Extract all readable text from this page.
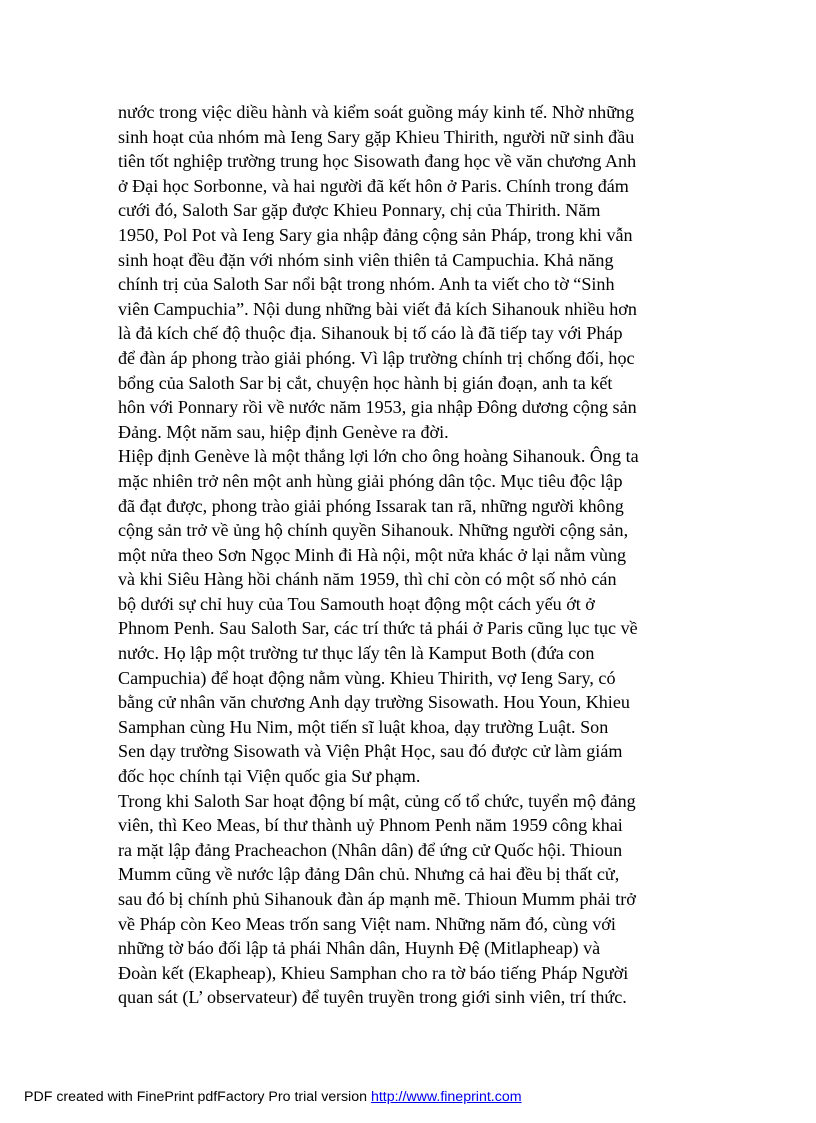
nước trong việc diều hành và kiểm soát guồng máy kinh tế. Nhờ những
sinh hoạt của nhóm mà Ieng Sary gặp Khieu Thirith, người nữ sinh đầu
tiên tốt nghiệp trường trung học Sisowath đang học về văn chương Anh
ở Đại học Sorbonne, và hai người đã kết hôn ở Paris. Chính trong đám
cưới đó, Saloth Sar gặp được Khieu Ponnary, chị của Thirith. Năm
1950, Pol Pot và Ieng Sary gia nhập đảng cộng sản Pháp, trong khi vẫn
sinh hoạt đều đặn với nhóm sinh viên thiên tả Campuchia. Khả năng
chính trị của Saloth Sar nổi bật trong nhóm. Anh ta viết cho tờ “Sinh
viên Campuchia”. Nội dung những bài viết đả kích Sihanouk nhiều hơn
là đả kích chế độ thuộc địa. Sihanouk bị tố cáo là đã tiếp tay với Pháp
để đàn áp phong trào giải phóng. Vì lập trường chính trị chống đối, học
bổng của Saloth Sar bị cắt, chuyện học hành bị gián đoạn, anh ta kết
hôn với Ponnary rồi về nước năm 1953, gia nhập Đông dương cộng sản
Đảng. Một năm sau, hiệp định Genève ra đời.
Hiệp định Genève là một thắng lợi lớn cho ông hoàng Sihanouk. Ông ta
mặc nhiên trở nên một anh hùng giải phóng dân tộc. Mục tiêu độc lập
đã đạt được, phong trào giải phóng Issarak tan rã, những người không
cộng sản trở về ủng hộ chính quyền Sihanouk. Những người cộng sản,
một nửa theo Sơn Ngọc Minh đi Hà nội, một nửa khác ở lại nằm vùng
và khi Siêu Hàng hồi chánh năm 1959, thì chỉ còn có một số nhỏ cán
bộ dưới sự chỉ huy của Tou Samouth hoạt động một cách yếu ớt ở
Phnom Penh. Sau Saloth Sar, các trí thức tả phái ở Paris cũng lục tục về
nước. Họ lập một trường tư thục lấy tên là Kamput Both (đứa con
Campuchia) để hoạt động nằm vùng. Khieu Thirith, vợ Ieng Sary, có
bằng cử nhân văn chương Anh dạy trường Sisowath. Hou Youn, Khieu
Samphan cùng Hu Nim, một tiến sĩ luật khoa, dạy trường Luật. Son
Sen dạy trường Sisowath và Viện Phật Học, sau đó được cử làm giám
đốc học chính tại Viện quốc gia Sư phạm.
Trong khi Saloth Sar hoạt động bí mật, củng cố tổ chức, tuyển mộ đảng
viên, thì Keo Meas, bí thư thành uỷ Phnom Penh năm 1959 công khai
ra mặt lập đảng Pracheachon (Nhân dân) để ứng cử Quốc hội. Thioun
Mumm cũng về nước lập đảng Dân chủ. Nhưng cả hai đều bị thất cử,
sau đó bị chính phủ Sihanouk đàn áp mạnh mẽ. Thioun Mumm phải trở
về Pháp còn Keo Meas trốn sang Việt nam. Những năm đó, cùng với
những tờ báo đối lập tả phái Nhân dân, Huynh Đệ (Mitlapheap) và
Đoàn kết (Ekapheap), Khieu Samphan cho ra tờ báo tiếng Pháp Người
quan sát (L’ observateur) để tuyên truyền trong giới sinh viên, trí thức.
PDF created with FinePrint pdfFactory Pro trial version http://www.fineprint.com
